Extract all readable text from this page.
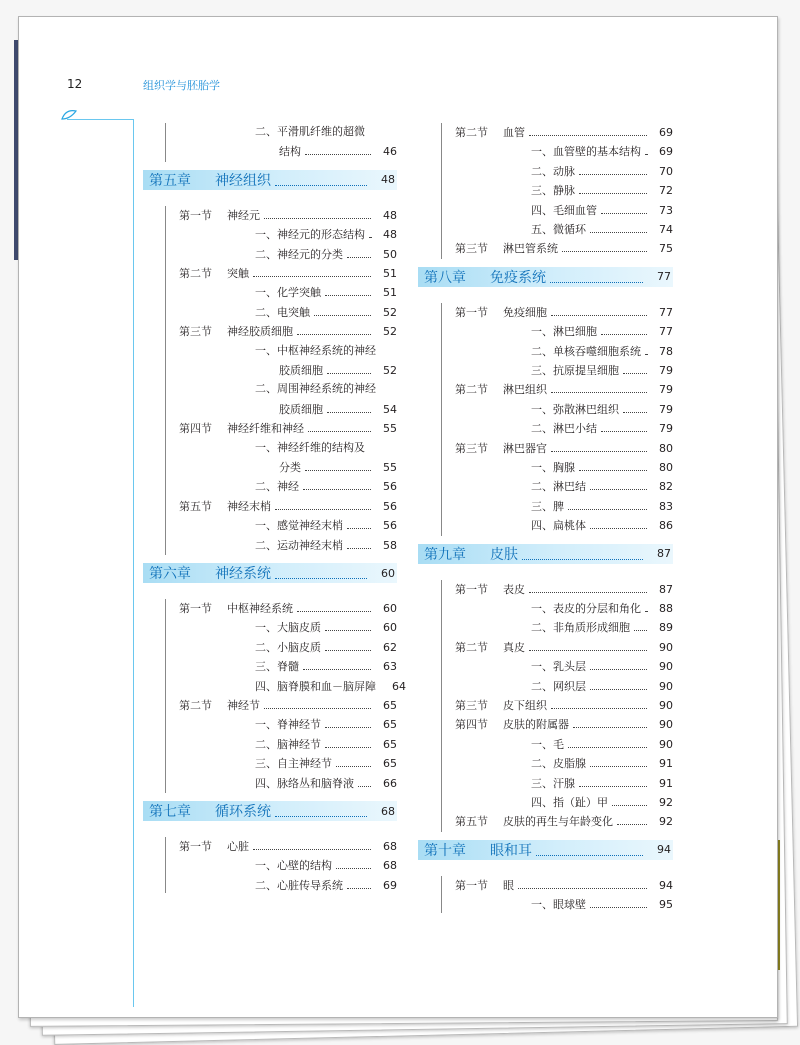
12	组织学与胚胎学
二、平滑肌纤维的超微
结构	46
第五章	神经组织	48
第一节	神经元	48
一、神经元的形态结构	48
二、神经元的分类	50
第二节	突触	51
一、化学突触	51
二、电突触	52
第三节	神经胶质细胞	52
一、中枢神经系统的神经
胶质细胞	52
二、周围神经系统的神经
胶质细胞	54
第四节	神经纤维和神经	55
一、神经纤维的结构及
分类	55
二、神经	56
第五节	神经末梢	56
一、感觉神经末梢	56
二、运动神经末梢	58
第六章	神经系统	60
第一节	中枢神经系统	60
一、大脑皮质	60
二、小脑皮质	62
三、脊髓	63
四、脑脊膜和血－脑屏障	64
第二节	神经节	65
一、脊神经节	65
二、脑神经节	65
三、自主神经节	65
四、脉络丛和脑脊液	66
第七章	循环系统	68
第一节	心脏	68
一、心壁的结构	68
二、心脏传导系统	69
第二节	血管	69
一、血管壁的基本结构	69
二、动脉	70
三、静脉	72
四、毛细血管	73
五、微循环	74
第三节	淋巴管系统	75
第八章	免疫系统	77
第一节	免疫细胞	77
一、淋巴细胞	77
二、单核吞噬细胞系统	78
三、抗原提呈细胞	79
第二节	淋巴组织	79
一、弥散淋巴组织	79
二、淋巴小结	79
第三节	淋巴器官	80
一、胸腺	80
二、淋巴结	82
三、脾	83
四、扁桃体	86
第九章	皮肤	87
第一节	表皮	87
一、表皮的分层和角化	88
二、非角质形成细胞	89
第二节	真皮	90
一、乳头层	90
二、网织层	90
第三节	皮下组织	90
第四节	皮肤的附属器	90
一、毛	90
二、皮脂腺	91
三、汗腺	91
四、指（趾）甲	92
第五节	皮肤的再生与年龄变化	92
第十章	眼和耳	94
第一节	眼	94
一、眼球壁	95
